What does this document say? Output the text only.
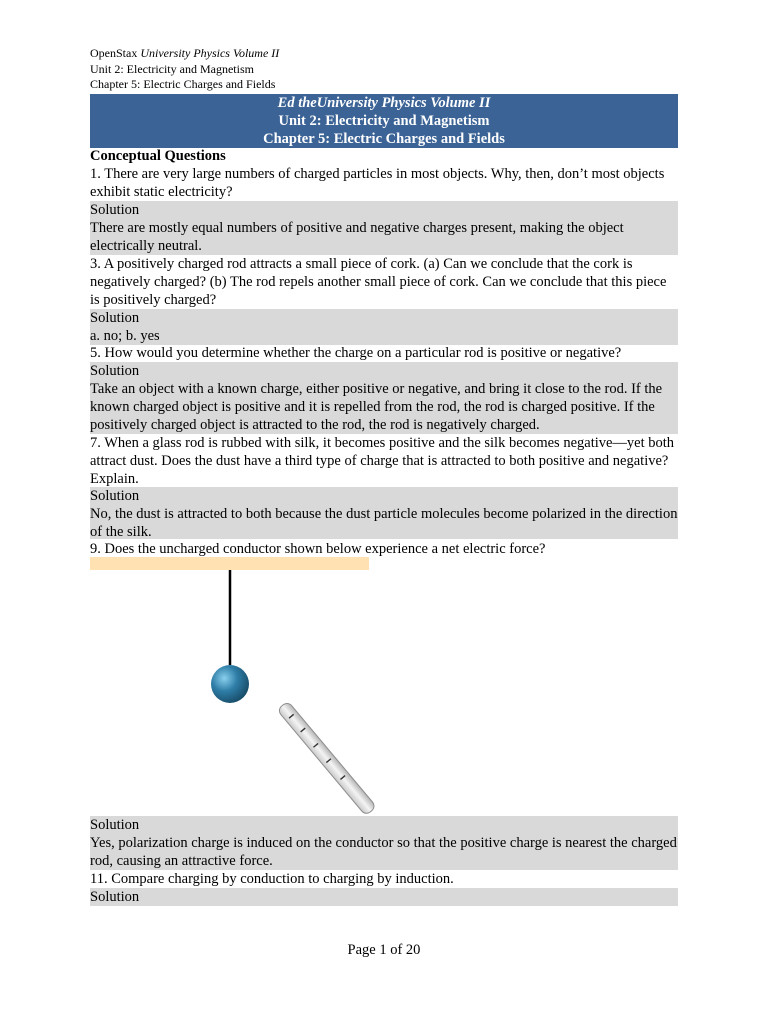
OpenStax University Physics Volume II
Unit 2: Electricity and Magnetism
Chapter 5: Electric Charges and Fields
Ed theUniversity Physics Volume II
Unit 2: Electricity and Magnetism
Chapter 5: Electric Charges and Fields
Conceptual Questions
1. There are very large numbers of charged particles in most objects. Why, then, don’t most objects exhibit static electricity?

Solution

There are mostly equal numbers of positive and negative charges present, making the object electrically neutral.

3. A positively charged rod attracts a small piece of cork. (a) Can we conclude that the cork is negatively charged? (b) The rod repels another small piece of cork. Can we conclude that this piece is positively charged?

Solution

a. no; b. yes

5. How would you determine whether the charge on a particular rod is positive or negative?

Solution

Take an object with a known charge, either positive or negative, and bring it close to the rod. If the known charged object is positive and it is repelled from the rod, the rod is charged positive. If the positively charged object is attracted to the rod, the rod is negatively charged.

7. When a glass rod is rubbed with silk, it becomes positive and the silk becomes negative—yet both attract dust. Does the dust have a third type of charge that is attracted to both positive and negative? Explain.

Solution

No, the dust is attracted to both because the dust particle molecules become polarized in the direction of the silk.

9. Does the uncharged conductor shown below experience a net electric force?

Solution

Yes, polarization charge is induced on the conductor so that the positive charge is nearest the charged rod, causing an attractive force.

11. Compare charging by conduction to charging by induction.

Solution

Page 1 of 20
